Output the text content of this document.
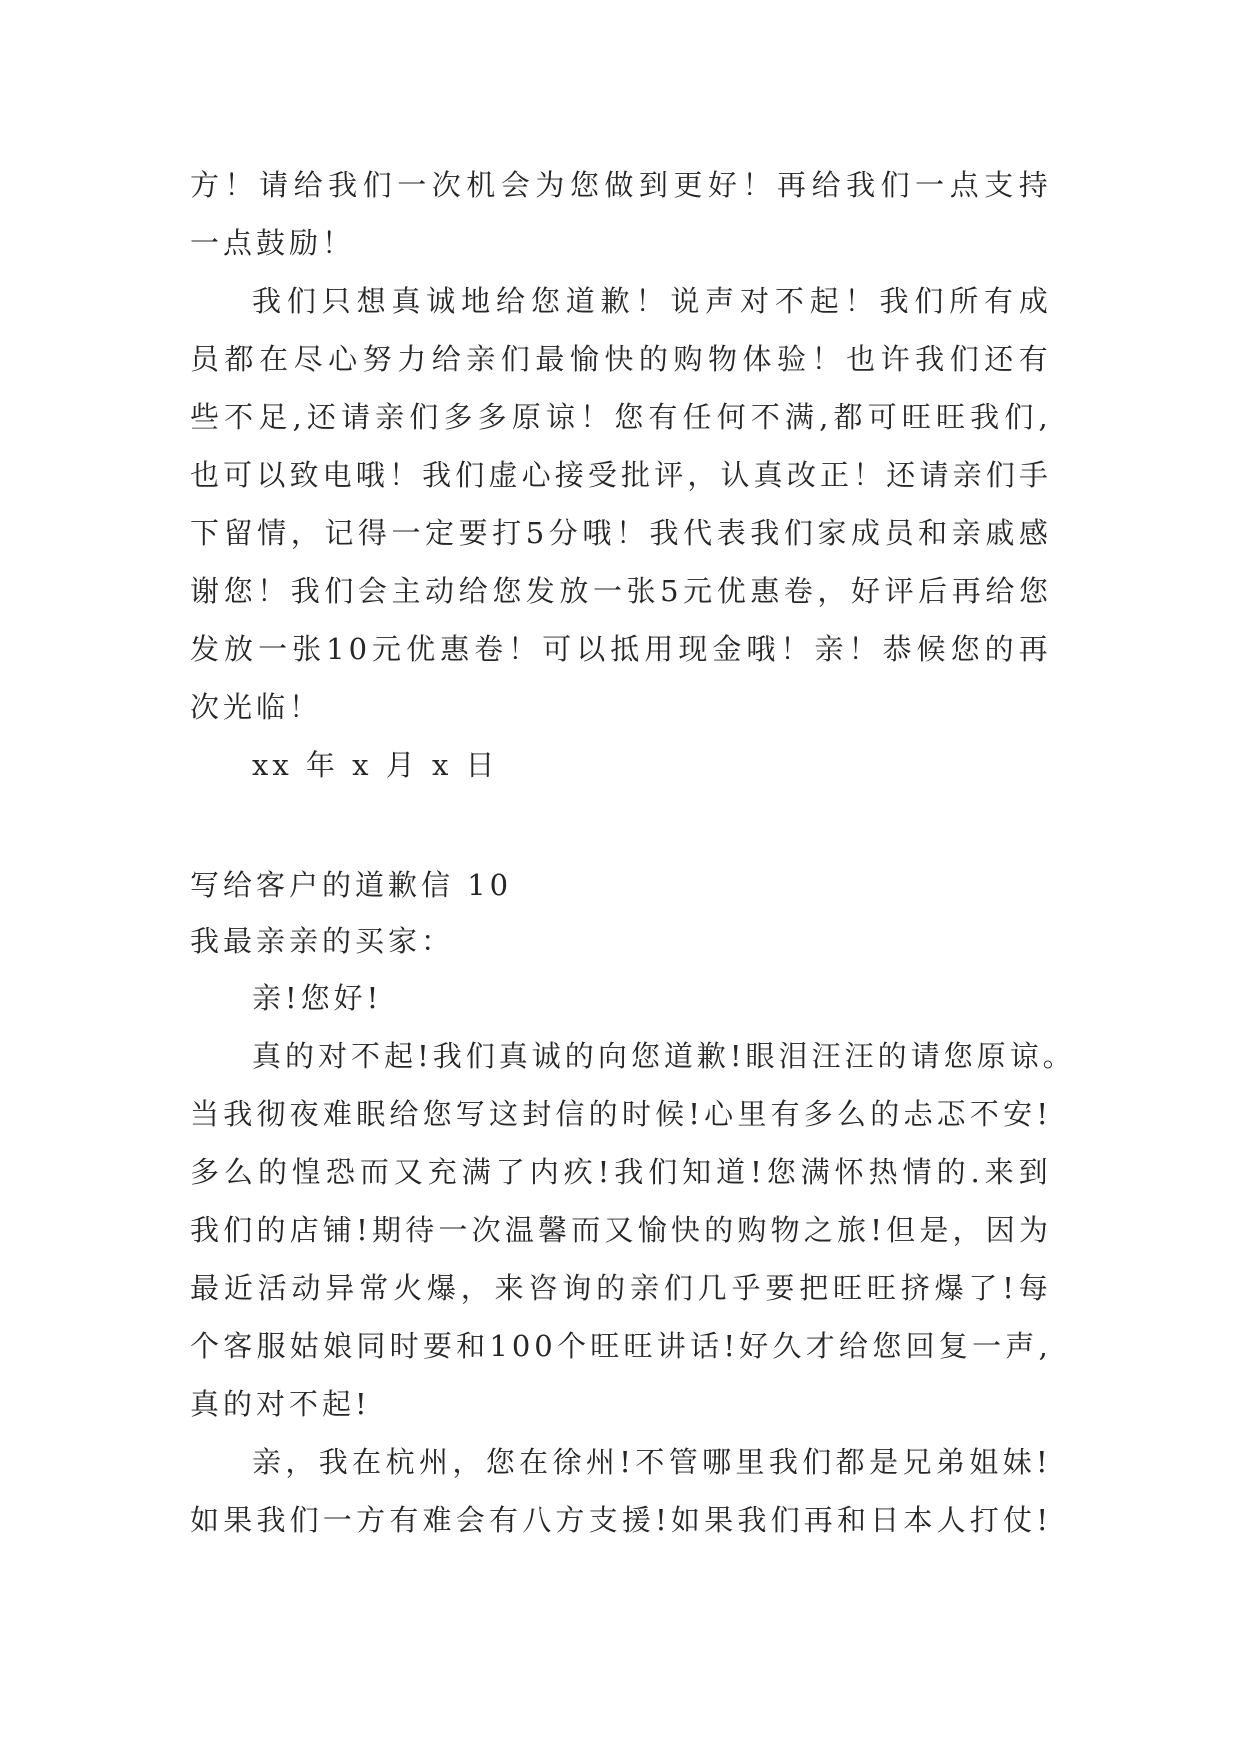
方 ！ 请 给 我 们 一 次 机 会 为 您 做 到 更 好 ！ 再 给 我 们 一 点 支 持
一点鼓励！
我 们 只 想 真 诚 地 给 您 道 歉 ！ 说 声 对 不 起 ！ 我 们 所 有 成
员 都 在 尽 心 努 力 给 亲 们 最 愉 快 的 购 物 体 验 ！ 也 许 我 们 还 有
些 不 足 , 还 请 亲 们 多 多 原 谅 ！ 您 有 任 何 不 满 , 都 可 旺 旺 我 们 ,
也 可 以 致 电 哦 ！ 我 们 虚 心 接 受 批 评 ， 认 真 改 正 ！ 还 请 亲 们 手
下 留 情 ， 记 得 一 定 要 打 5 分 哦 ！ 我 代 表 我 们 家 成 员 和 亲 戚 感
谢 您 ！ 我 们 会 主 动 给 您 发 放 一 张 5 元 优 惠 卷 ， 好 评 后 再 给 您
发 放 一 张 10 元 优 惠 卷 ！ 可 以 抵 用 现 金 哦 ！ 亲 ！ 恭 候 您 的 再
次光临！
xx 年 x 月 x 日
写给客户的道歉信 10
我最亲亲的买家：
亲!您好!
真 的 对 不 起 ! 我 们 真 诚 的 向 您 道 歉 ! 眼 泪 汪 汪 的 请 您 原 谅 。
当 我 彻 夜 难 眠 给 您 写 这 封 信 的 时 候 ! 心 里 有 多 么 的 忐 忑 不 安 !
多 么 的 惶 恐 而 又 充 满 了 内 疚 ! 我 们 知 道 ! 您 满 怀 热 情 的 . 来 到
我 们 的 店 铺 ! 期 待 一 次 温 馨 而 又 愉 快 的 购 物 之 旅 ! 但 是 ， 因 为
最 近 活 动 异 常 火 爆 ， 来 咨 询 的 亲 们 几 乎 要 把 旺 旺 挤 爆 了 ! 每
个 客 服 姑 娘 同 时 要 和 100 个 旺 旺 讲 话 ! 好 久 才 给 您 回 复 一 声 ,
真的对不起!
亲 ， 我 在 杭 州 ， 您 在 徐 州 ! 不 管 哪 里 我 们 都 是 兄 弟 姐 妹 !
如 果 我 们 一 方 有 难 会 有 八 方 支 援 ! 如 果 我 们 再 和 日 本 人 打 仗 !
